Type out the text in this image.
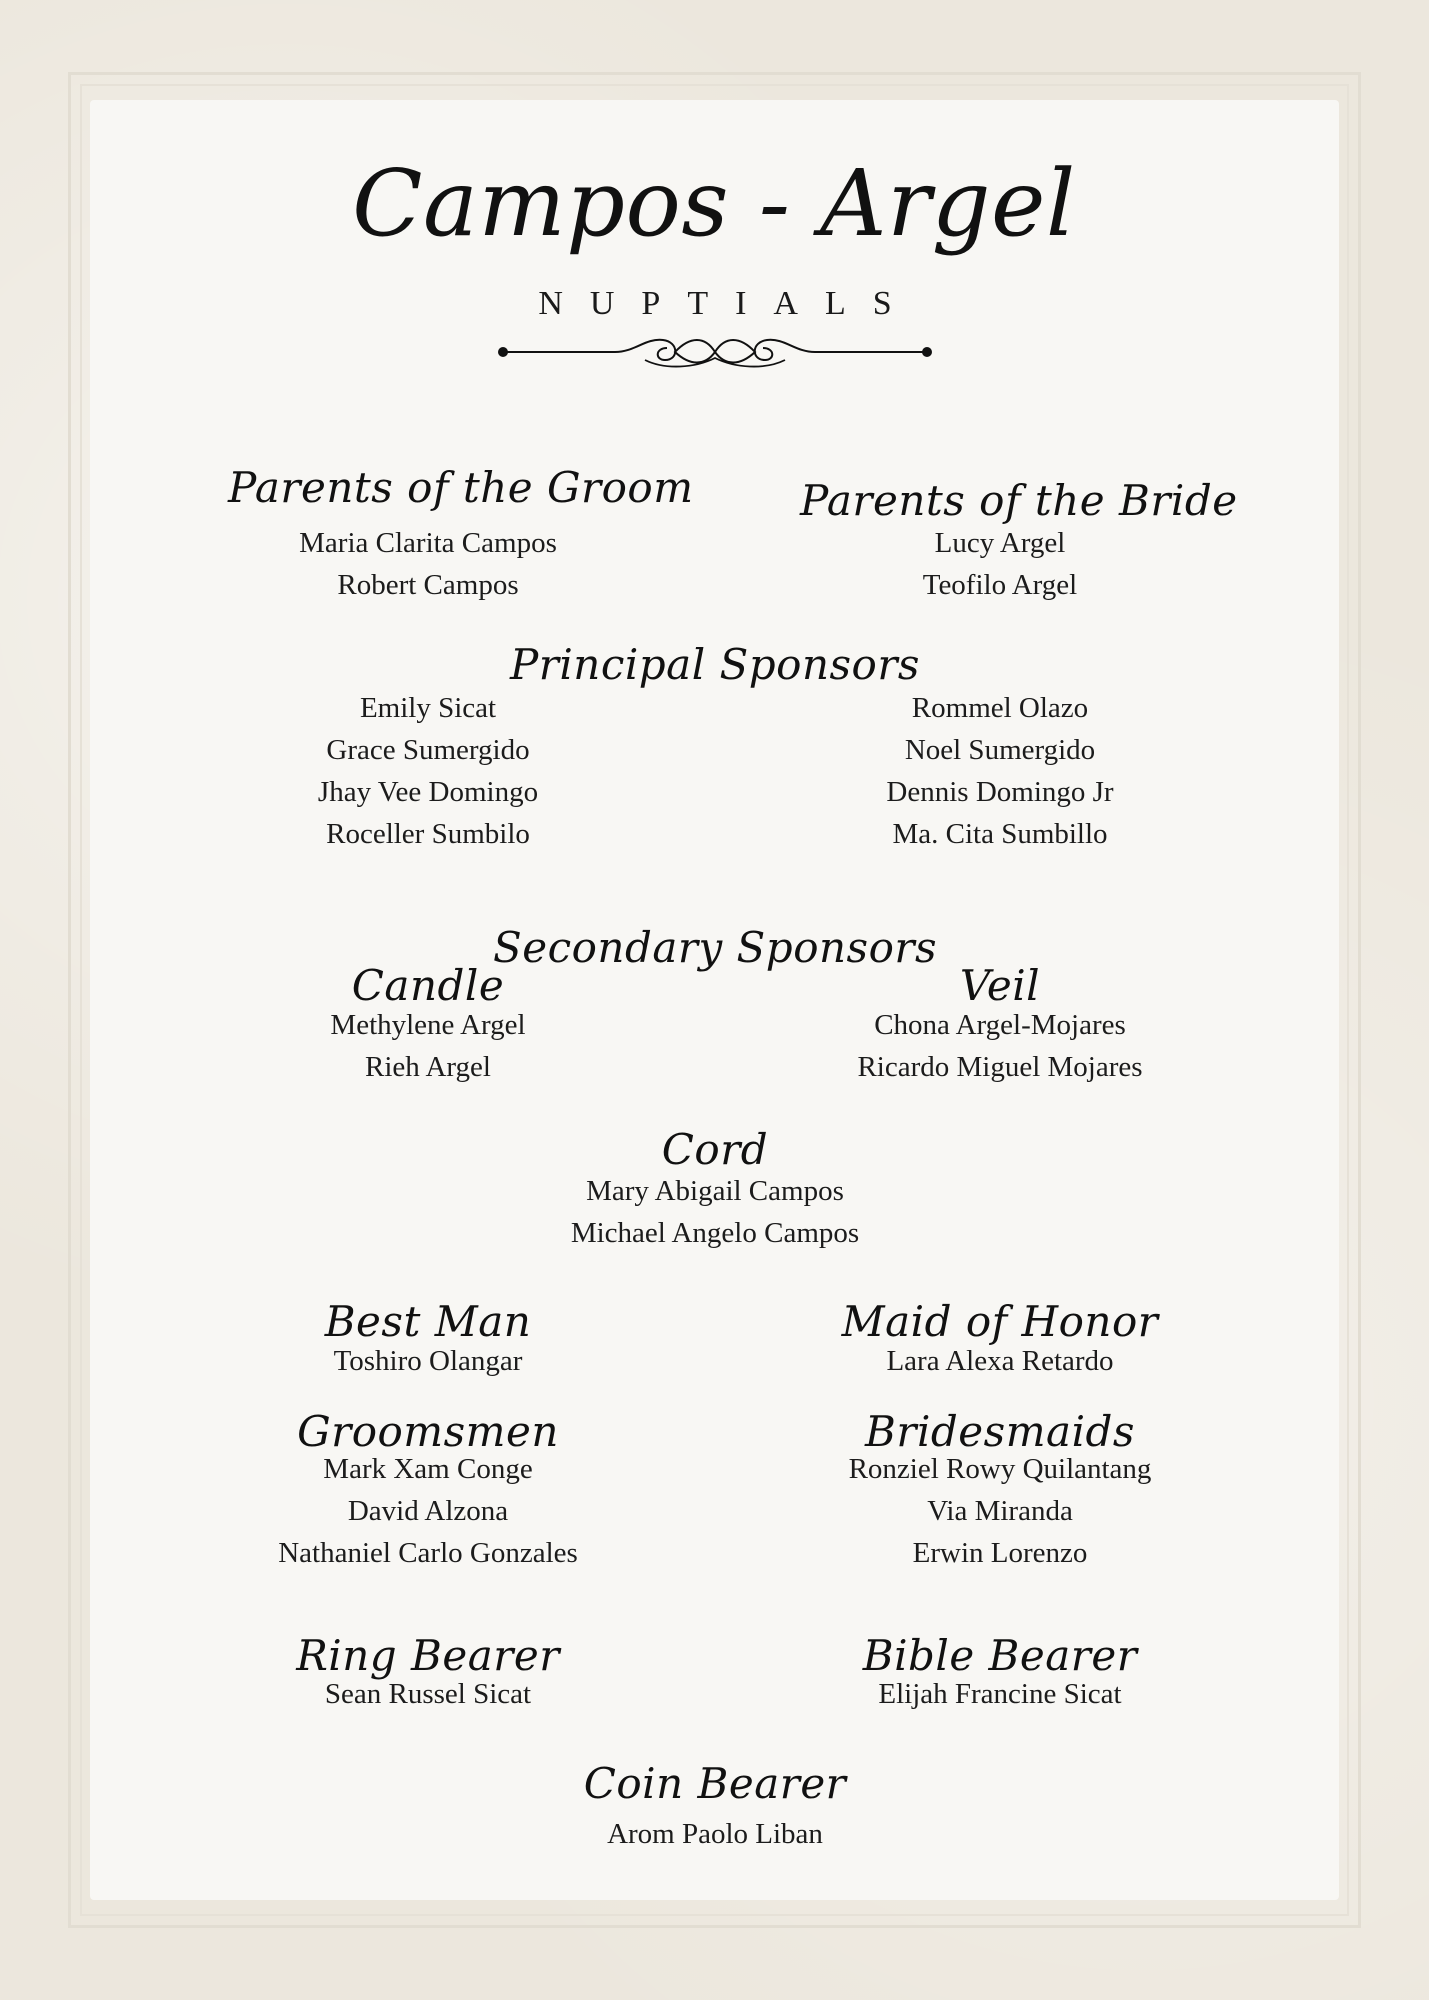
Campos - Argel
NUPTIALS
Parents of the Groom
Maria Clarita Campos
Robert Campos
Parents of the Bride
Lucy Argel
Teofilo Argel
Principal Sponsors
Emily Sicat
Grace Sumergido
Jhay Vee Domingo
Roceller Sumbilo
Rommel Olazo
Noel Sumergido
Dennis Domingo Jr
Ma. Cita Sumbillo
Secondary Sponsors
Candle
Methylene Argel
Rieh Argel
Veil
Chona Argel-Mojares
Ricardo Miguel Mojares
Cord
Mary Abigail Campos
Michael Angelo Campos
Best Man
Toshiro Olangar
Maid of Honor
Lara Alexa Retardo
Groomsmen
Mark Xam Conge
David Alzona
Nathaniel Carlo Gonzales
Bridesmaids
Ronziel Rowy Quilantang
Via Miranda
Erwin Lorenzo
Ring Bearer
Sean Russel Sicat
Bible Bearer
Elijah Francine Sicat
Coin Bearer
Arom Paolo Liban
